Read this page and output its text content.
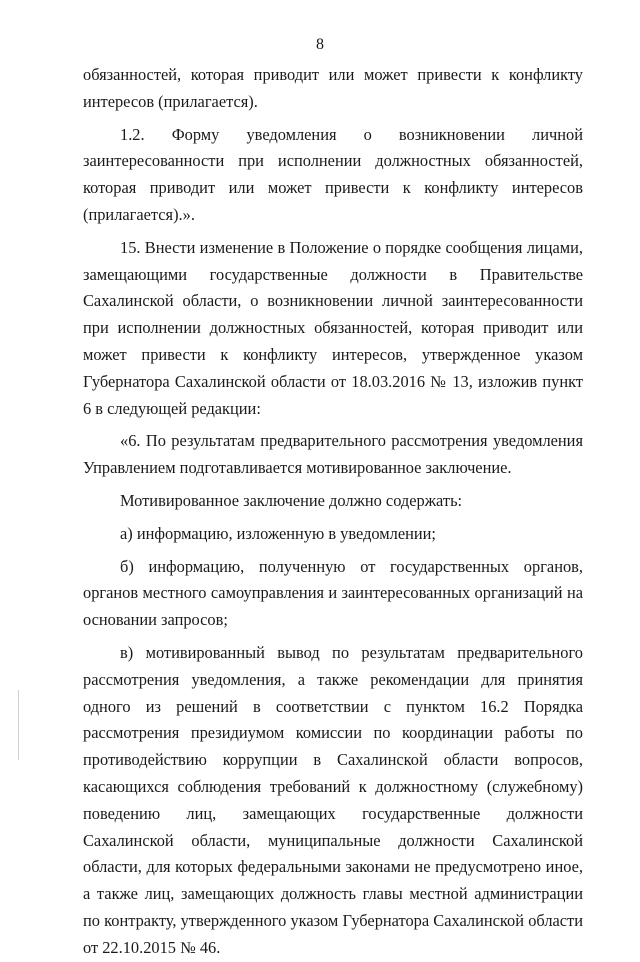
8

обязанностей, которая приводит или может привести к конфликту интересов (прилагается).

1.2. Форму уведомления о возникновении личной заинтересованности при исполнении должностных обязанностей, которая приводит или может привести к конфликту интересов (прилагается).».

15. Внести изменение в Положение о порядке сообщения лицами, замещающими государственные должности в Правительстве Сахалинской области, о возникновении личной заинтересованности при исполнении должностных обязанностей, которая приводит или может привести к конфликту интересов, утвержденное указом Губернатора Сахалинской области от 18.03.2016 № 13, изложив пункт 6 в следующей редакции:

«6. По результатам предварительного рассмотрения уведомления Управлением подготавливается мотивированное заключение.

Мотивированное заключение должно содержать:

а) информацию, изложенную в уведомлении;

б) информацию, полученную от государственных органов, органов местного самоуправления и заинтересованных организаций на основании запросов;

в) мотивированный вывод по результатам предварительного рассмотрения уведомления, а также рекомендации для принятия одного из решений в соответствии с пунктом 16.2 Порядка рассмотрения президиумом комиссии по координации работы по противодействию коррупции в Сахалинской области вопросов, касающихся соблюдения требований к должностному (служебному) поведению лиц, замещающих государственные должности Сахалинской области, муниципальные должности Сахалинской области, для которых федеральными законами не предусмотрено иное, а также лиц, замещающих должность главы местной администрации по контракту, утвержденного указом Губернатора Сахалинской области от 22.10.2015 № 46.
